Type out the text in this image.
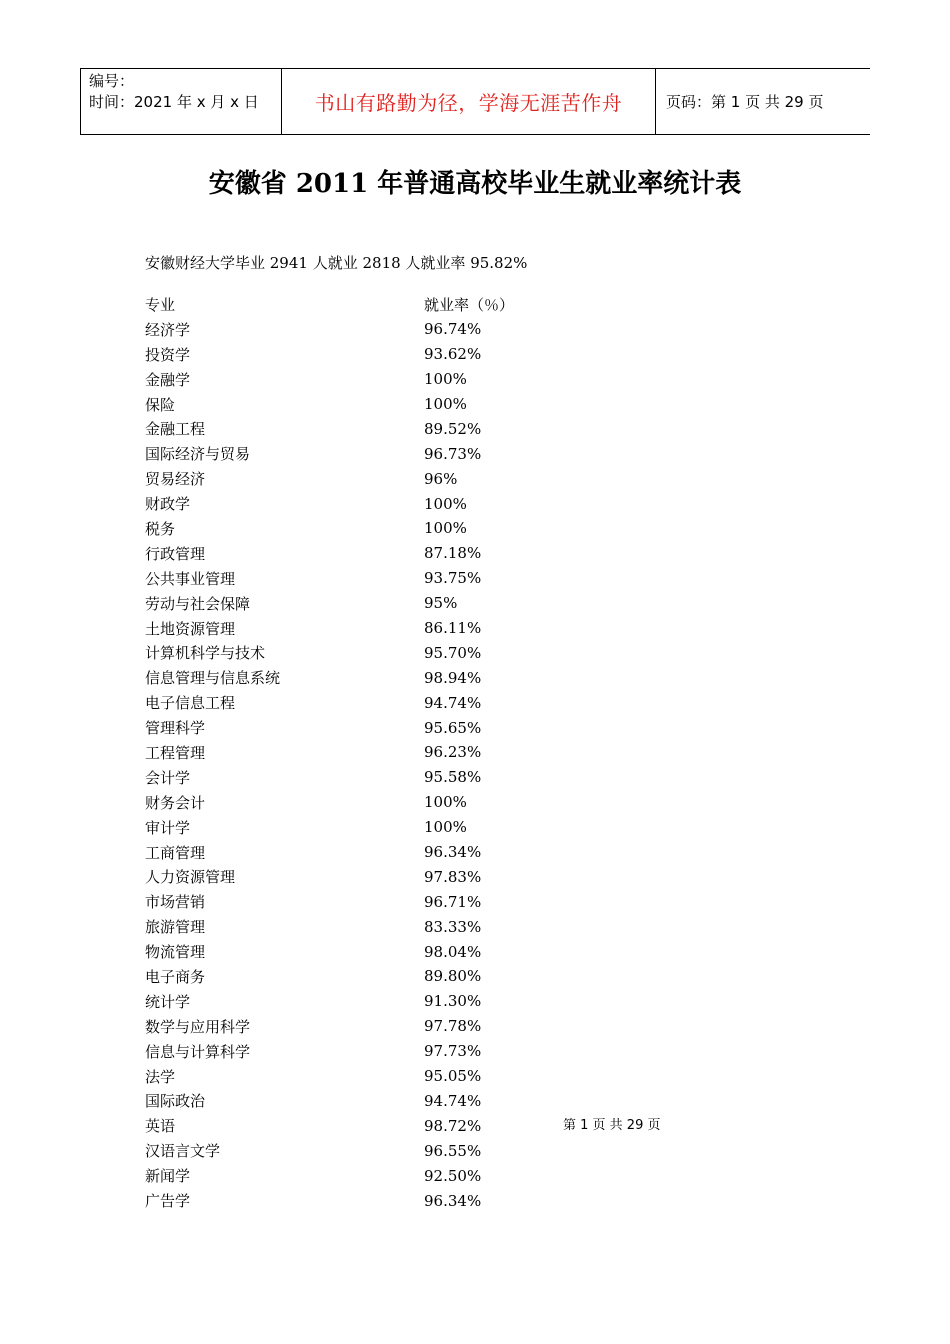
编号：
时间：2021 年 x 月 x 日	书山有路勤为径，学海无涯苦作舟	页码：第 1 页 共 29 页
安徽省 2011 年普通高校毕业生就业率统计表
安徽财经大学毕业 2941 人就业 2818 人就业率 95.82%
专业	就业率（％）
经济学	96.74%
投资学	93.62%
金融学	100%
保险	100%
金融工程	89.52%
国际经济与贸易	96.73%
贸易经济	96%
财政学	100%
税务	100%
行政管理	87.18%
公共事业管理	93.75%
劳动与社会保障	95%
土地资源管理	86.11%
计算机科学与技术	95.70%
信息管理与信息系统	98.94%
电子信息工程	94.74%
管理科学	95.65%
工程管理	96.23%
会计学	95.58%
财务会计	100%
审计学	100%
工商管理	96.34%
人力资源管理	97.83%
市场营销	96.71%
旅游管理	83.33%
物流管理	98.04%
电子商务	89.80%
统计学	91.30%
数学与应用科学	97.78%
信息与计算科学	97.73%
法学	95.05%
国际政治	94.74%
英语	98.72%
汉语言文学	96.55%
新闻学	92.50%
广告学	96.34%
第 1 页 共 29 页
